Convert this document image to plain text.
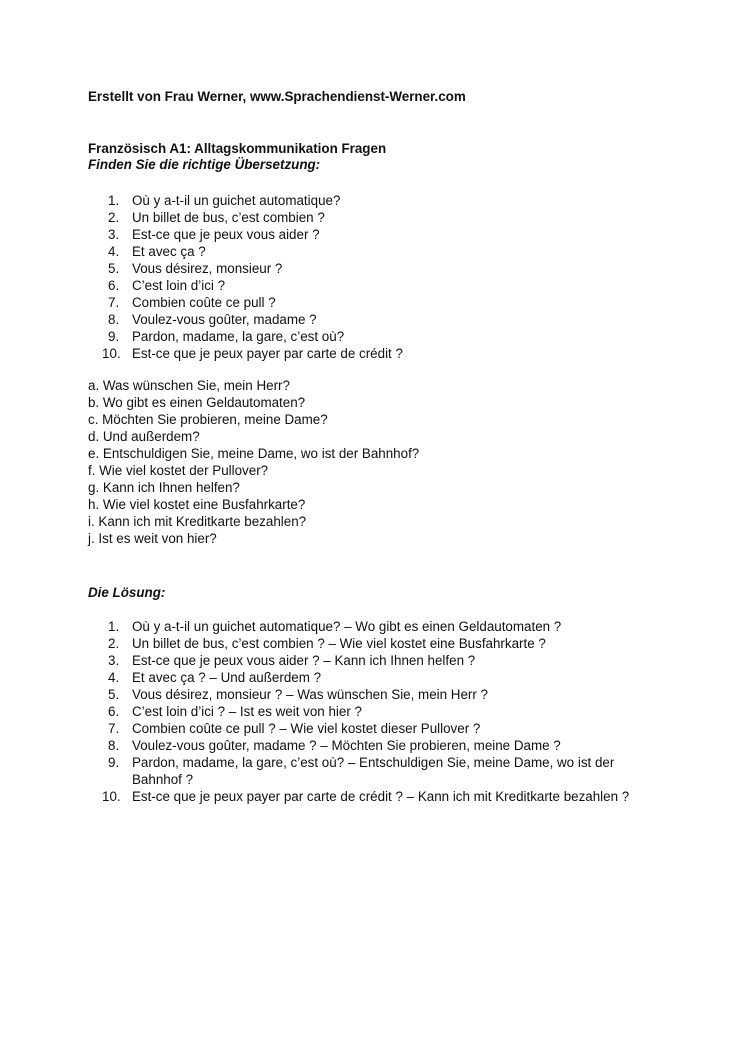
Erstellt von Frau Werner, www.Sprachendienst-Werner.com
Französisch A1: Alltagskommunikation Fragen
Finden Sie die richtige Übersetzung:
1. Où y a-t-il un guichet automatique?
2. Un billet de bus, c’est combien ?
3. Est-ce que je peux vous aider ?
4. Et avec ça ?
5. Vous désirez, monsieur ?
6. C’est loin d’ici ?
7. Combien coûte ce pull ?
8. Voulez-vous goûter, madame ?
9. Pardon, madame, la gare, c’est où?
10. Est-ce que je peux payer par carte de crédit ?
a. Was wünschen Sie, mein Herr?
b. Wo gibt es einen Geldautomaten?
c. Möchten Sie probieren, meine Dame?
d. Und außerdem?
e. Entschuldigen Sie, meine Dame, wo ist der Bahnhof?
f. Wie viel kostet der Pullover?
g. Kann ich Ihnen helfen?
h. Wie viel kostet eine Busfahrkarte?
i. Kann ich mit Kreditkarte bezahlen?
j. Ist es weit von hier?
Die Lösung:
1. Où y a-t-il un guichet automatique? – Wo gibt es einen Geldautomaten ?
2. Un billet de bus, c’est combien ? – Wie viel kostet eine Busfahrkarte ?
3. Est-ce que je peux vous aider ? – Kann ich Ihnen helfen ?
4. Et avec ça ? – Und außerdem ?
5. Vous désirez, monsieur ? – Was wünschen Sie, mein Herr ?
6. C’est loin d’ici ? – Ist es weit von hier ?
7. Combien coûte ce pull ? – Wie viel kostet dieser Pullover ?
8. Voulez-vous goûter, madame ? – Möchten Sie probieren, meine Dame ?
9. Pardon, madame, la gare, c’est où? – Entschuldigen Sie, meine Dame, wo ist der Bahnhof ?
10. Est-ce que je peux payer par carte de crédit ? – Kann ich mit Kreditkarte bezahlen ?
